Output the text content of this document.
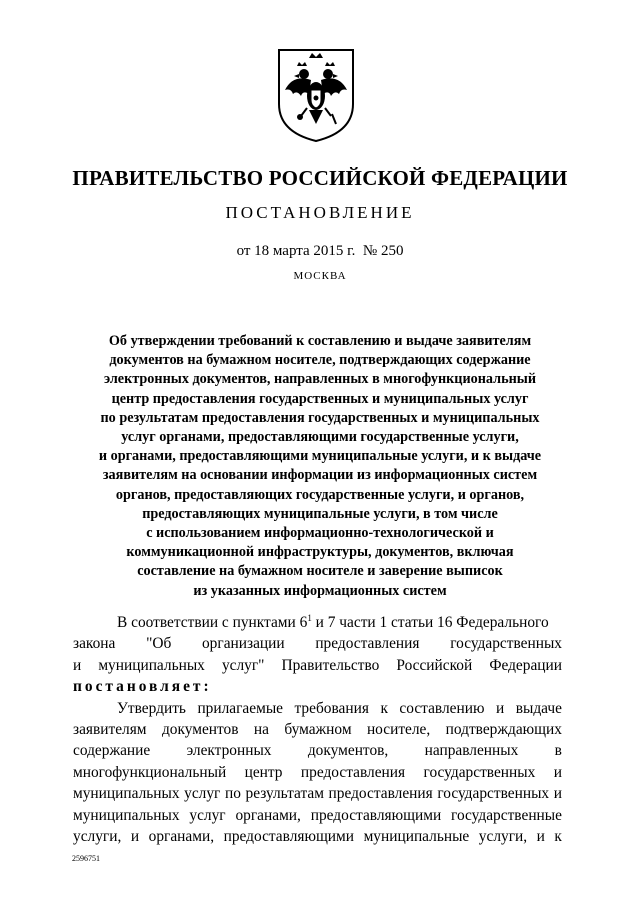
ПРАВИТЕЛЬСТВО РОССИЙСКОЙ ФЕДЕРАЦИИ
ПОСТАНОВЛЕНИЕ
от 18 марта 2015 г.  № 250
МОСКВА
Об утверждении требований к составлению и выдаче заявителям
документов на бумажном носителе, подтверждающих содержание
электронных документов, направленных в многофункциональный
центр предоставления государственных и муниципальных услуг
по результатам предоставления государственных и муниципальных
услуг органами, предоставляющими государственные услуги,
и органами, предоставляющими муниципальные услуги, и к выдаче
заявителям на основании информации из информационных систем
органов, предоставляющих государственные услуги, и органов,
предоставляющих муниципальные услуги, в том числе
с использованием информационно-технологической и
коммуникационной инфраструктуры, документов, включая
составление на бумажном носителе и заверение выписок
из указанных информационных систем
В соответствии с пунктами $6^1$ и 7 части 1 статьи 16 Федерального
закона "Об организации предоставления государственных
и муниципальных услуг" Правительство Российской Федерации
постановляет:
Утвердить прилагаемые требования к составлению и выдаче
заявителям документов на бумажном носителе, подтверждающих
содержание электронных документов, направленных в
многофункциональный центр предоставления государственных и
муниципальных услуг по результатам предоставления государственных и
муниципальных услуг органами, предоставляющими государственные
услуги, и органами, предоставляющими муниципальные услуги, и к
2596751
